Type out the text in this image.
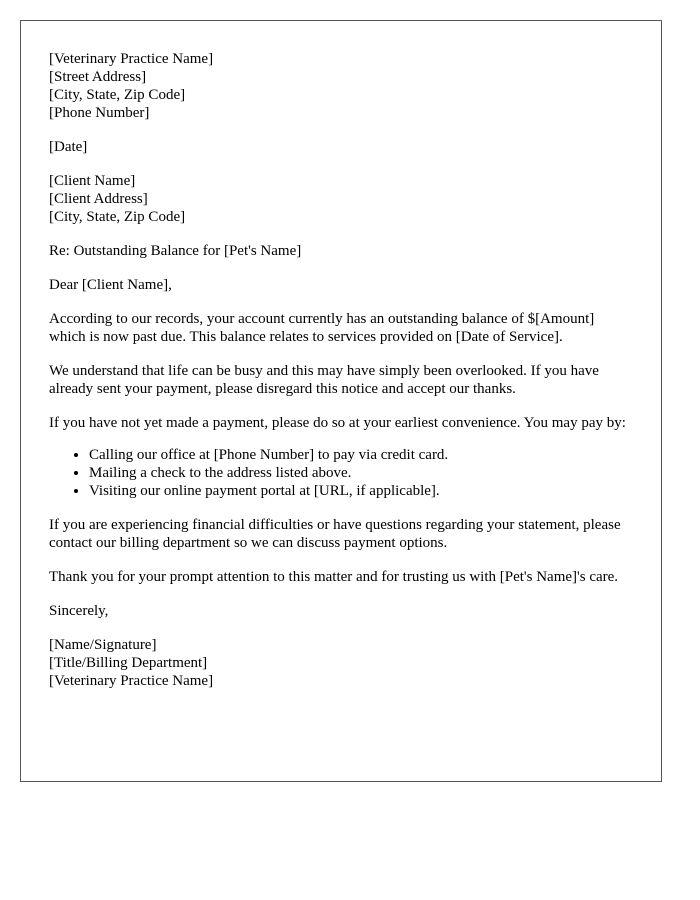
[Veterinary Practice Name]
[Street Address]
[City, State, Zip Code]
[Phone Number]
[Date]
[Client Name]
[Client Address]
[City, State, Zip Code]

Re: Outstanding Balance for [Pet's Name]

Dear [Client Name],

According to our records, your account currently has an outstanding balance of $[Amount] which is now past due. This balance relates to services provided on [Date of Service].

We understand that life can be busy and this may have simply been overlooked. If you have already sent your payment, please disregard this notice and accept our thanks.

If you have not yet made a payment, please do so at your earliest convenience. You may pay by:

• Calling our office at [Phone Number] to pay via credit card.
• Mailing a check to the address listed above.
• Visiting our online payment portal at [URL, if applicable].

If you are experiencing financial difficulties or have questions regarding your statement, please contact our billing department so we can discuss payment options.

Thank you for your prompt attention to this matter and for trusting us with [Pet's Name]'s care.

Sincerely,

[Name/Signature]
[Title/Billing Department]
[Veterinary Practice Name]
